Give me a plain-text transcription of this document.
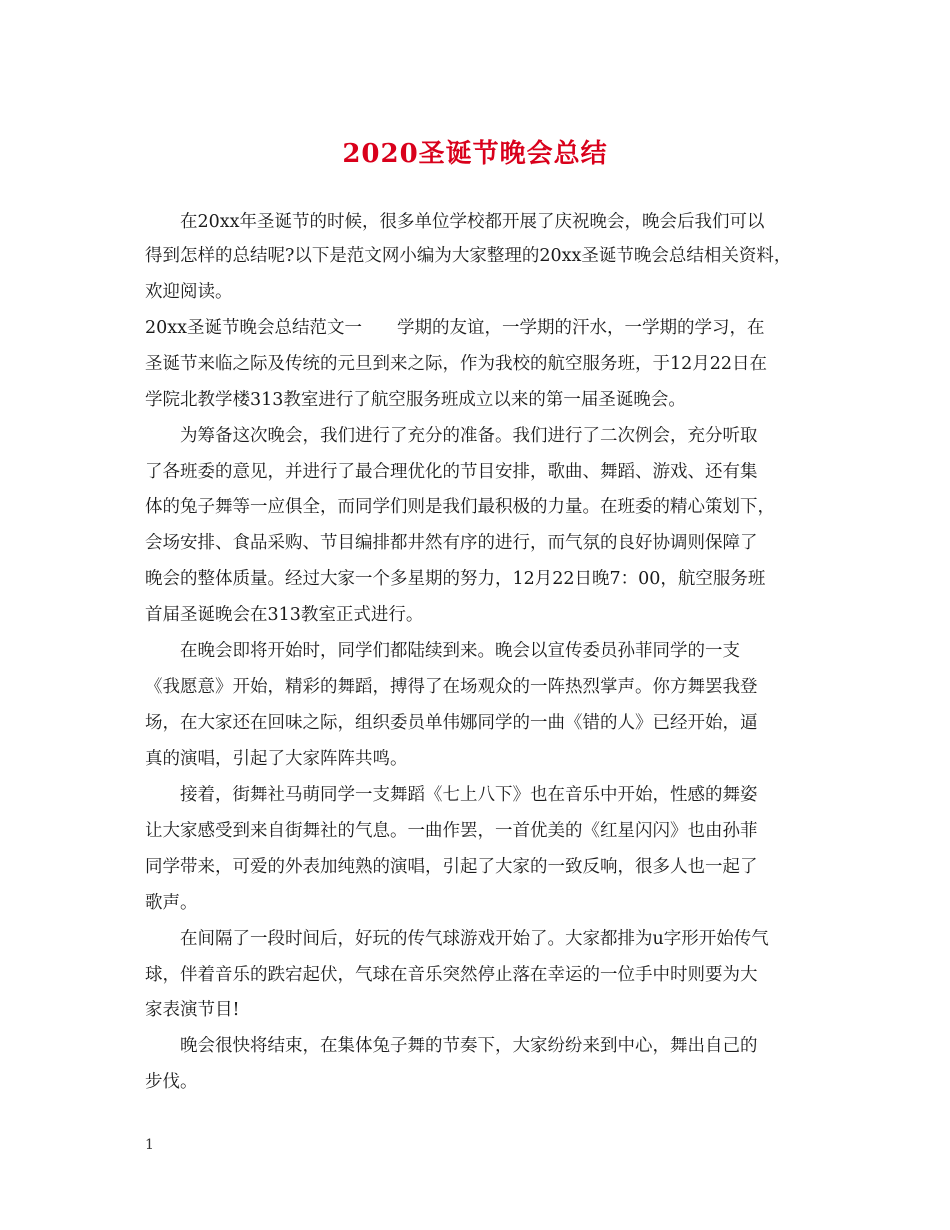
2020圣诞节晚会总结

在20xx年圣诞节的时候，很多单位学校都开展了庆祝晚会，晚会后我们可以

得到怎样的总结呢?以下是范文网小编为大家整理的20xx圣诞节晚会总结相关资料，

欢迎阅读。

20xx圣诞节晚会总结范文一　　学期的友谊，一学期的汗水，一学期的学习，在

圣诞节来临之际及传统的元旦到来之际，作为我校的航空服务班，于12月22日在

学院北教学楼313教室进行了航空服务班成立以来的第一届圣诞晚会。

为筹备这次晚会，我们进行了充分的准备。我们进行了二次例会，充分听取

了各班委的意见，并进行了最合理优化的节目安排，歌曲、舞蹈、游戏、还有集

体的兔子舞等一应俱全，而同学们则是我们最积极的力量。在班委的精心策划下，

会场安排、食品采购、节目编排都井然有序的进行，而气氛的良好协调则保障了

晚会的整体质量。经过大家一个多星期的努力，12月22日晚7：00，航空服务班

首届圣诞晚会在313教室正式进行。

在晚会即将开始时，同学们都陆续到来。晚会以宣传委员孙菲同学的一支

《我愿意》开始，精彩的舞蹈，搏得了在场观众的一阵热烈掌声。你方舞罢我登

场，在大家还在回味之际，组织委员单伟娜同学的一曲《错的人》已经开始，逼

真的演唱，引起了大家阵阵共鸣。

接着，街舞社马萌同学一支舞蹈《七上八下》也在音乐中开始，性感的舞姿

让大家感受到来自街舞社的气息。一曲作罢，一首优美的《红星闪闪》也由孙菲

同学带来，可爱的外表加纯熟的演唱，引起了大家的一致反响，很多人也一起了

歌声。

在间隔了一段时间后，好玩的传气球游戏开始了。大家都排为u字形开始传气

球，伴着音乐的跌宕起伏，气球在音乐突然停止落在幸运的一位手中时则要为大

家表演节目!

晚会很快将结束，在集体兔子舞的节奏下，大家纷纷来到中心，舞出自己的

步伐。

1
